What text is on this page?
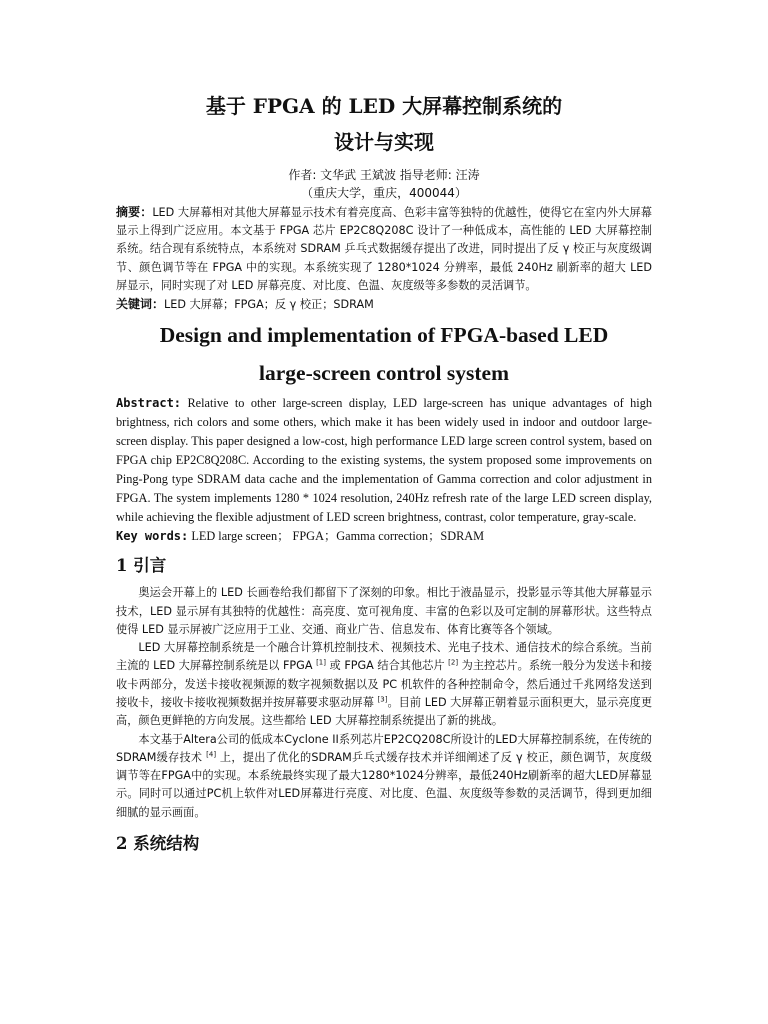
基于 FPGA 的 LED 大屏幕控制系统的
设计与实现

作者: 文华武 王斌波 指导老师: 汪涛

（重庆大学，重庆，400044）

摘要：LED 大屏幕相对其他大屏幕显示技术有着亮度高、色彩丰富等独特的优越性，使得它在室内外大屏幕显示上得到广泛应用。本文基于 FPGA 芯片 EP2C8Q208C 设计了一种低成本，高性能的 LED 大屏幕控制系统。结合现有系统特点，本系统对 SDRAM 乒乓式数据缓存提出了改进，同时提出了反 γ 校正与灰度级调节、颜色调节等在 FPGA 中的实现。本系统实现了 1280*1024 分辨率，最低 240Hz 刷新率的超大 LED 屏显示，同时实现了对 LED 屏幕亮度、对比度、色温、灰度级等多参数的灵活调节。

关键词：LED 大屏幕；FPGA；反 γ 校正；SDRAM

Design and implementation of FPGA-based LED
large-screen control system

Abstract: Relative to other large-screen display, LED large-screen has unique advantages of high brightness, rich colors and some others, which make it has been widely used in indoor and outdoor large-screen display. This paper designed a low-cost, high performance LED large screen control system, based on FPGA chip EP2C8Q208C. According to the existing systems, the system proposed some improvements on Ping-Pong type SDRAM data cache and the implementation of Gamma correction and color adjustment in FPGA. The system implements 1280 * 1024 resolution, 240Hz refresh rate of the large LED screen display, while achieving the flexible adjustment of LED screen brightness, contrast, color temperature, gray-scale.

Key words: LED large screen； FPGA；Gamma correction；SDRAM

1 引言

奥运会开幕上的 LED 长画卷给我们都留下了深刻的印象。相比于液晶显示，投影显示等其他大屏幕显示技术，LED 显示屏有其独特的优越性：高亮度、宽可视角度、丰富的色彩以及可定制的屏幕形状。这些特点使得 LED 显示屏被广泛应用于工业、交通、商业广告、信息发布、体育比赛等各个领域。

LED 大屏幕控制系统是一个融合计算机控制技术、视频技术、光电子技术、通信技术的综合系统。当前主流的 LED 大屏幕控制系统是以 FPGA [1] 或 FPGA 结合其他芯片 [2] 为主控芯片。系统一般分为发送卡和接收卡两部分，发送卡接收视频源的数字视频数据以及 PC 机软件的各种控制命令，然后通过千兆网络发送到接收卡，接收卡接收视频数据并按屏幕要求驱动屏幕 [3]。目前 LED 大屏幕正朝着显示面积更大，显示亮度更高，颜色更鲜艳的方向发展。这些都给 LED 大屏幕控制系统提出了新的挑战。

本文基于Altera公司的低成本Cyclone II系列芯片EP2CQ208C所设计的LED大屏幕控制系统，在传统的SDRAM缓存技术 [4] 上，提出了优化的SDRAM乒乓式缓存技术并详细阐述了反 γ 校正，颜色调节，灰度级调节等在FPGA中的实现。本系统最终实现了最大1280*1024分辨率，最低240Hz刷新率的超大LED屏幕显示。同时可以通过PC机上软件对LED屏幕进行亮度、对比度、色温、灰度级等参数的灵活调节，得到更加细细腻的显示画面。

2 系统结构
